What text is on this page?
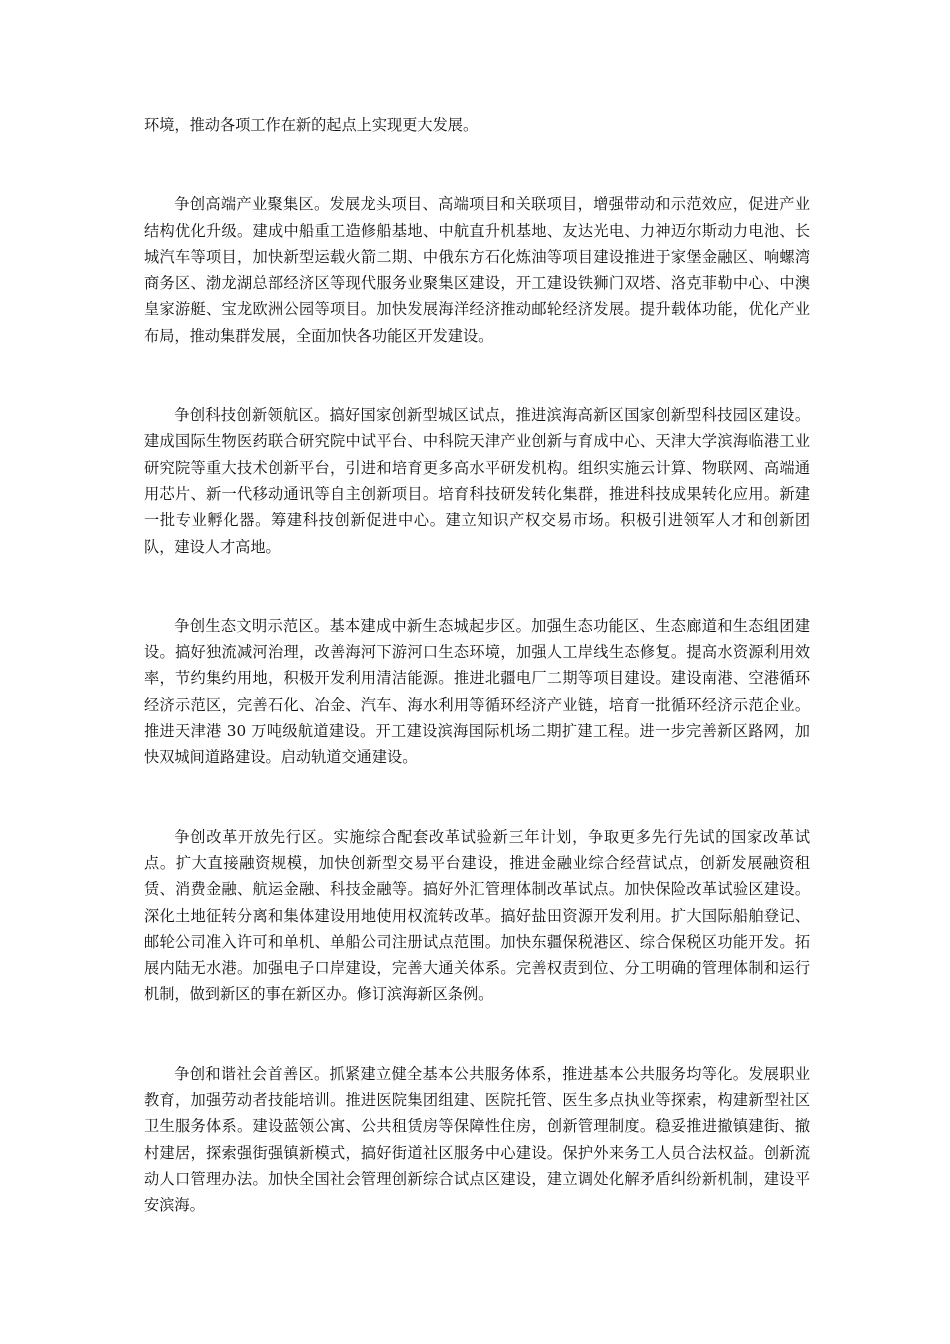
环境，推动各项工作在新的起点上实现更大发展。

争创高端产业聚集区。发展龙头项目、高端项目和关联项目，增强带动和示范效应，促进产业结构优化升级。建成中船重工造修船基地、中航直升机基地、友达光电、力神迈尔斯动力电池、长城汽车等项目，加快新型运载火箭二期、中俄东方石化炼油等项目建设推进于家堡金融区、响螺湾商务区、渤龙湖总部经济区等现代服务业聚集区建设，开工建设铁狮门双塔、洛克菲勒中心、中澳皇家游艇、宝龙欧洲公园等项目。加快发展海洋经济推动邮轮经济发展。提升载体功能，优化产业布局，推动集群发展，全面加快各功能区开发建设。

争创科技创新领航区。搞好国家创新型城区试点，推进滨海高新区国家创新型科技园区建设。建成国际生物医药联合研究院中试平台、中科院天津产业创新与育成中心、天津大学滨海临港工业研究院等重大技术创新平台，引进和培育更多高水平研发机构。组织实施云计算、物联网、高端通用芯片、新一代移动通讯等自主创新项目。培育科技研发转化集群，推进科技成果转化应用。新建一批专业孵化器。筹建科技创新促进中心。建立知识产权交易市场。积极引进领军人才和创新团队，建设人才高地。

争创生态文明示范区。基本建成中新生态城起步区。加强生态功能区、生态廊道和生态组团建设。搞好独流减河治理，改善海河下游河口生态环境，加强人工岸线生态修复。提高水资源利用效率，节约集约用地，积极开发利用清洁能源。推进北疆电厂二期等项目建设。建设南港、空港循环经济示范区，完善石化、冶金、汽车、海水利用等循环经济产业链，培育一批循环经济示范企业。推进天津港 30 万吨级航道建设。开工建设滨海国际机场二期扩建工程。进一步完善新区路网，加快双城间道路建设。启动轨道交通建设。

争创改革开放先行区。实施综合配套改革试验新三年计划，争取更多先行先试的国家改革试点。扩大直接融资规模，加快创新型交易平台建设，推进金融业综合经营试点，创新发展融资租赁、消费金融、航运金融、科技金融等。搞好外汇管理体制改革试点。加快保险改革试验区建设。深化土地征转分离和集体建设用地使用权流转改革。搞好盐田资源开发利用。扩大国际船舶登记、邮轮公司准入许可和单机、单船公司注册试点范围。加快东疆保税港区、综合保税区功能开发。拓展内陆无水港。加强电子口岸建设，完善大通关体系。完善权责到位、分工明确的管理体制和运行机制，做到新区的事在新区办。修订滨海新区条例。

争创和谐社会首善区。抓紧建立健全基本公共服务体系，推进基本公共服务均等化。发展职业教育，加强劳动者技能培训。推进医院集团组建、医院托管、医生多点执业等探索，构建新型社区卫生服务体系。建设蓝领公寓、公共租赁房等保障性住房，创新管理制度。稳妥推进撤镇建街、撤村建居，探索强街强镇新模式，搞好街道社区服务中心建设。保护外来务工人员合法权益。创新流动人口管理办法。加快全国社会管理创新综合试点区建设，建立调处化解矛盾纠纷新机制，建设平安滨海。
